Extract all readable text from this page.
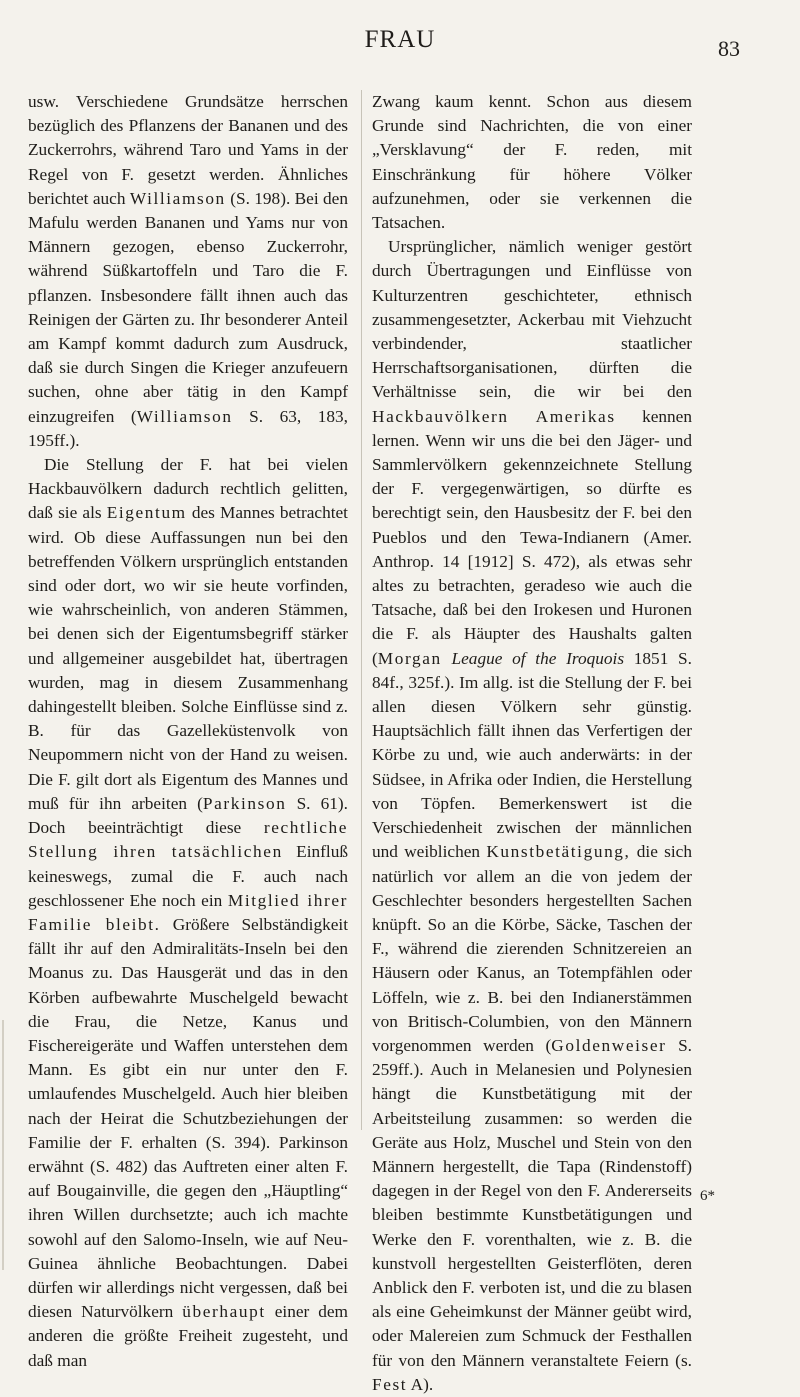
FRAU	83

usw. Verschiedene Grundsätze herrschen bezüglich des Pflanzens der Bananen und des Zuckerrohrs, während Taro und Yams in der Regel von F. gesetzt werden. Ähnliches berichtet auch Williamson (S. 198). Bei den Mafulu werden Bananen und Yams nur von Männern gezogen, ebenso Zuckerrohr, während Süßkartoffeln und Taro die F. pflanzen. Insbesondere fällt ihnen auch das Reinigen der Gärten zu. Ihr besonderer Anteil am Kampf kommt dadurch zum Ausdruck, daß sie durch Singen die Krieger anzufeuern suchen, ohne aber tätig in den Kampf einzugreifen (Williamson S. 63, 183, 195ff.).

Die Stellung der F. hat bei vielen Hackbauvölkern dadurch rechtlich gelitten, daß sie als Eigentum des Mannes betrachtet wird. Ob diese Auffassungen nun bei den betreffenden Völkern ursprünglich entstanden sind oder dort, wo wir sie heute vorfinden, wie wahrscheinlich, von anderen Stämmen, bei denen sich der Eigentumsbegriff stärker und allgemeiner ausgebildet hat, übertragen wurden, mag in diesem Zusammenhang dahingestellt bleiben. Solche Einflüsse sind z. B. für das Gazelleküstenvolk von Neupommern nicht von der Hand zu weisen. Die F. gilt dort als Eigentum des Mannes und muß für ihn arbeiten (Parkinson S. 61). Doch beeinträchtigt diese rechtliche Stellung ihren tatsächlichen Einfluß keineswegs, zumal die F. auch nach geschlossener Ehe noch ein Mitglied ihrer Familie bleibt. Größere Selbständigkeit fällt ihr auf den Admiralitäts-Inseln bei den Moanus zu. Das Hausgerät und das in den Körben aufbewahrte Muschelgeld bewacht die Frau, die Netze, Kanus und Fischereigeräte und Waffen unterstehen dem Mann. Es gibt ein nur unter den F. umlaufendes Muschelgeld. Auch hier bleiben nach der Heirat die Schutzbeziehungen der Familie der F. erhalten (S. 394). Parkinson erwähnt (S. 482) das Auftreten einer alten F. auf Bougainville, die gegen den „Häuptling“ ihren Willen durchsetzte; auch ich machte sowohl auf den Salomo-Inseln, wie auf Neu-Guinea ähnliche Beobachtungen. Dabei dürfen wir allerdings nicht vergessen, daß bei diesen Naturvölkern überhaupt einer dem anderen die größte Freiheit zugesteht, und daß man

Zwang kaum kennt. Schon aus diesem Grunde sind Nachrichten, die von einer „Versklavung“ der F. reden, mit Einschränkung für höhere Völker aufzunehmen, oder sie verkennen die Tatsachen.

Ursprünglicher, nämlich weniger gestört durch Übertragungen und Einflüsse von Kulturzentren geschichteter, ethnisch zusammengesetzter, Ackerbau mit Viehzucht verbindender, staatlicher Herrschaftsorganisationen, dürften die Verhältnisse sein, die wir bei den Hackbauvölkern Amerikas kennen lernen. Wenn wir uns die bei den Jäger- und Sammlervölkern gekennzeichnete Stellung der F. vergegenwärtigen, so dürfte es berechtigt sein, den Hausbesitz der F. bei den Pueblos und den Tewa-Indianern (Amer. Anthrop. 14 [1912] S. 472), als etwas sehr altes zu betrachten, geradeso wie auch die Tatsache, daß bei den Irokesen und Huronen die F. als Häupter des Haushalts galten (Morgan League of the Iroquois 1851 S. 84f., 325f.). Im allg. ist die Stellung der F. bei allen diesen Völkern sehr günstig. Hauptsächlich fällt ihnen das Verfertigen der Körbe zu und, wie auch anderwärts: in der Südsee, in Afrika oder Indien, die Herstellung von Töpfen. Bemerkenswert ist die Verschiedenheit zwischen der männlichen und weiblichen Kunstbetätigung, die sich natürlich vor allem an die von jedem der Geschlechter besonders hergestellten Sachen knüpft. So an die Körbe, Säcke, Taschen der F., während die zierenden Schnitzereien an Häusern oder Kanus, an Totempfählen oder Löffeln, wie z. B. bei den Indianerstämmen von Britisch-Columbien, von den Männern vorgenommen werden (Goldenweiser S. 259ff.). Auch in Melanesien und Polynesien hängt die Kunstbetätigung mit der Arbeitsteilung zusammen: so werden die Geräte aus Holz, Muschel und Stein von den Männern hergestellt, die Tapa (Rindenstoff) dagegen in der Regel von den F. Andererseits bleiben bestimmte Kunstbetätigungen und Werke den F. vorenthalten, wie z. B. die kunstvoll hergestellten Geisterflöten, deren Anblick den F. verboten ist, und die zu blasen als eine Geheimkunst der Männer geübt wird, oder Malereien zum Schmuck der Festhallen für von den Männern veranstaltete Feiern (s. Fest A).

6*
